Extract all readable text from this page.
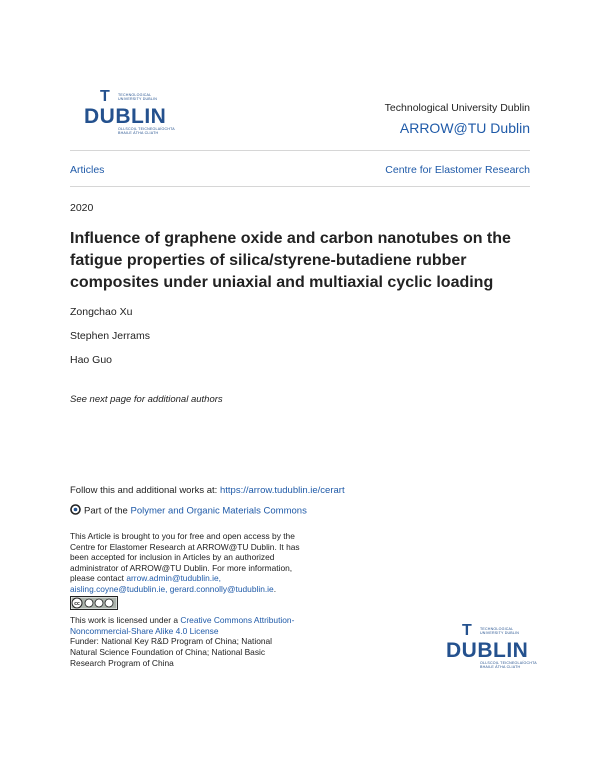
T TECHNOLOGICAL
UNIVERSITY DUBLIN
DUBLIN
OLLSCOIL TEICNEOLAÍOCHTA
BHAILE ÁTHA CLIATH
Technological University Dublin
ARROW@TU Dublin
Articles	Centre for Elastomer Research
2020
Influence of graphene oxide and carbon nanotubes on the fatigue properties of silica/styrene-butadiene rubber composites under uniaxial and multiaxial cyclic loading
Zongchao Xu
Stephen Jerrams
Hao Guo
See next page for additional authors
Follow this and additional works at: https://arrow.tudublin.ie/cerart
Part of the Polymer and Organic Materials Commons
This Article is brought to you for free and open access by the Centre for Elastomer Research at ARROW@TU Dublin. It has been accepted for inclusion in Articles by an authorized administrator of ARROW@TU Dublin. For more information, please contact arrow.admin@tudublin.ie, aisling.coyne@tudublin.ie, gerard.connolly@tudublin.ie.
cc
This work is licensed under a Creative Commons Attribution-Noncommercial-Share Alike 4.0 License
Funder: National Key R&D Program of China; National Natural Science Foundation of China; National Basic Research Program of China
T TECHNOLOGICAL
UNIVERSITY DUBLIN
DUBLIN
OLLSCOIL TEICNEOLAÍOCHTA
BHAILE ÁTHA CLIATH
